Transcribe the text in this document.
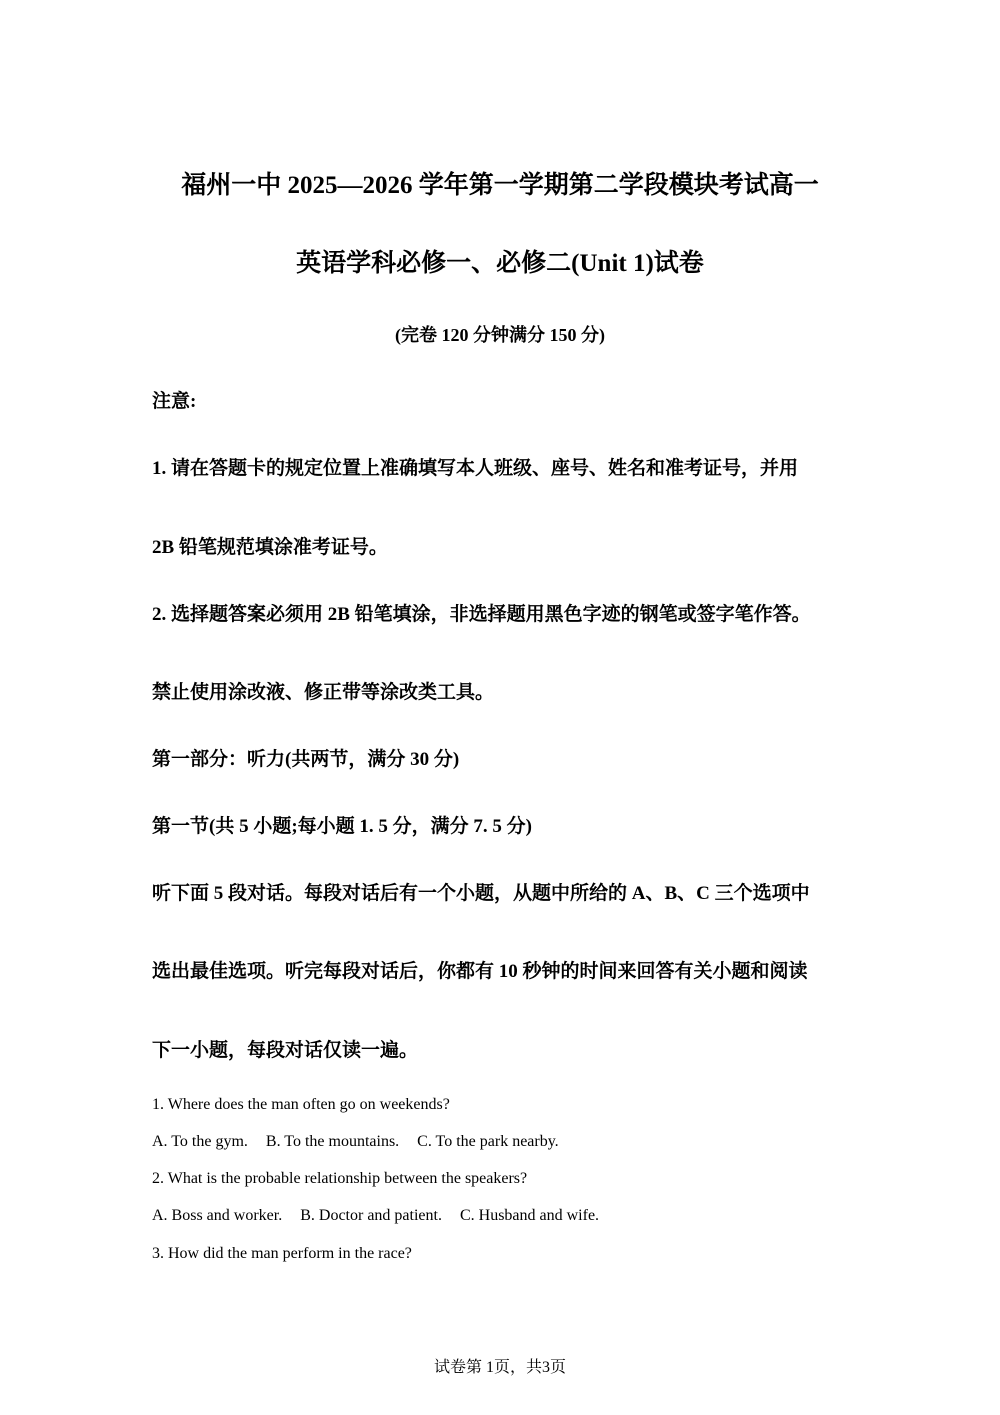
福州一中 2025—2026 学年第一学期第二学段模块考试高一
英语学科必修一、必修二(Unit 1)试卷
(完卷 120 分钟满分 150 分)
注意:
1. 请在答题卡的规定位置上准确填写本人班级、座号、姓名和准考证号，并用
2B 铅笔规范填涂准考证号。
2. 选择题答案必须用 2B 铅笔填涂，非选择题用黑色字迹的钢笔或签字笔作答。
禁止使用涂改液、修正带等涂改类工具。
第一部分：听力(共两节，满分 30 分)
第一节(共 5 小题;每小题 1. 5 分，满分 7. 5 分)
听下面 5 段对话。每段对话后有一个小题，从题中所给的 A、B、C 三个选项中
选出最佳选项。听完每段对话后，你都有 10 秒钟的时间来回答有关小题和阅读
下一小题，每段对话仅读一遍。
1. Where does the man often go on weekends?
A. To the gym. B. To the mountains. C. To the park nearby.
2. What is the probable relationship between the speakers?
A. Boss and worker. B. Doctor and patient. C. Husband and wife.
3. How did the man perform in the race?
试卷第 1页，共3页
